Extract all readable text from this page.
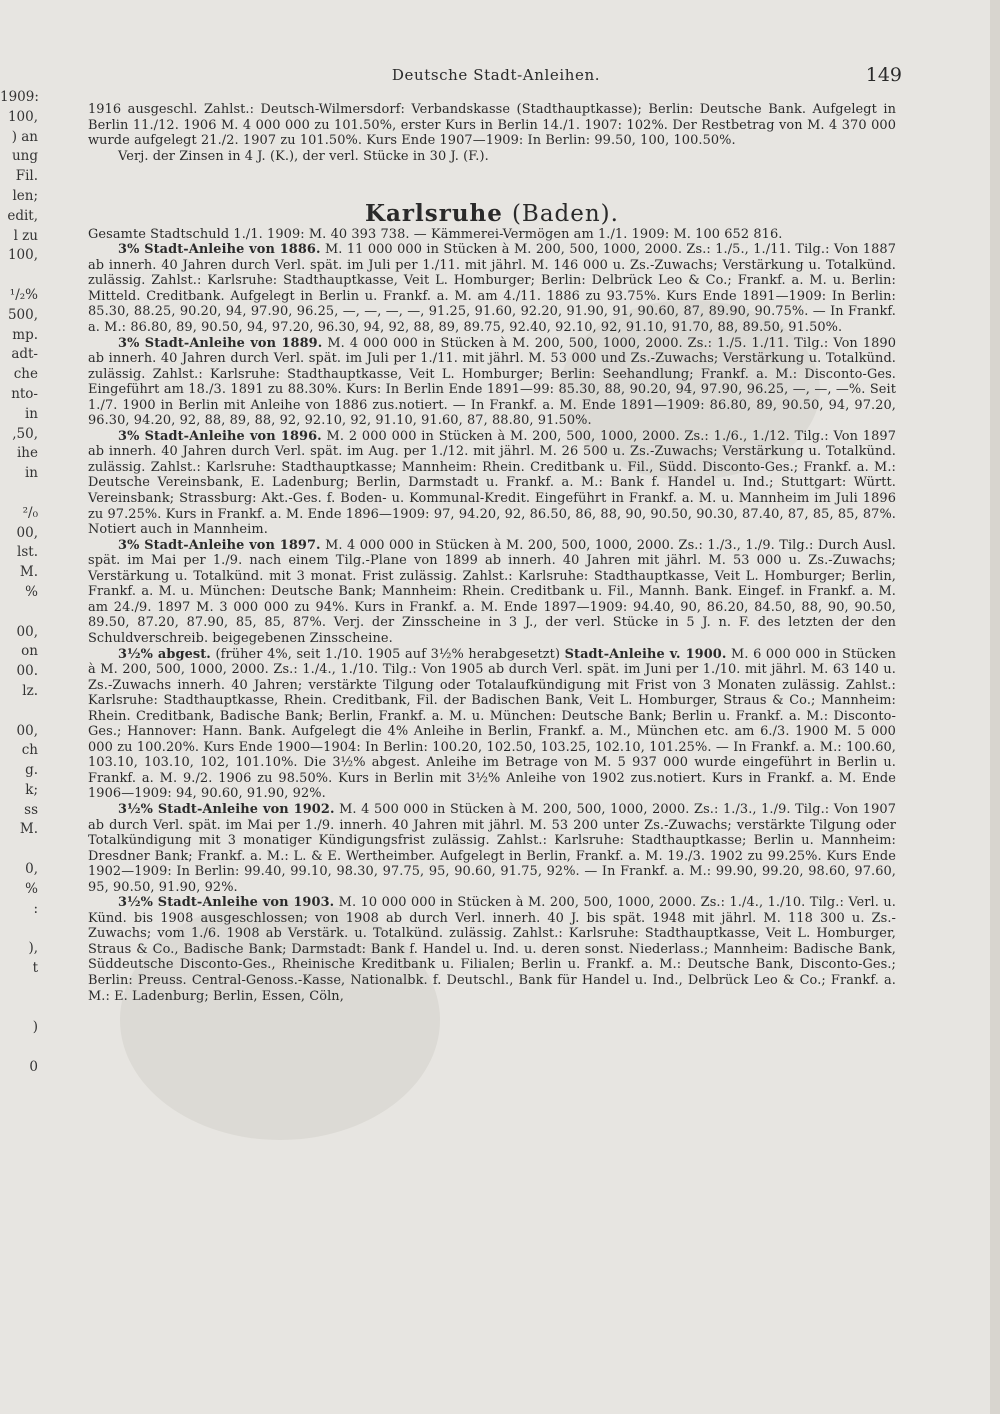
1909:
100,
) an
ung
Fil.
len;
edit,
l zu
100,

¹/₂%
500,
mp.
adt-
che
nto-
in
,50,
ihe
in

²/₀
00,
lst.
M.
%

00,
on
00.
lz.

00,
ch
g.
k;
ss
M.

0,
%
:

),
t

)

0
Deutsche Stadt-Anleihen.	149

1916 ausgeschl. Zahlst.: Deutsch-Wilmersdorf: Verbandskasse (Stadthauptkasse); Berlin: Deutsche Bank. Aufgelegt in Berlin 11./12. 1906 M. 4 000 000 zu 101.50%, erster Kurs in Berlin 14./1. 1907: 102%. Der Restbetrag von M. 4 370 000 wurde aufgelegt 21./2. 1907 zu 101.50%. Kurs Ende 1907—1909: In Berlin: 99.50, 100, 100.50%.

Verj. der Zinsen in 4 J. (K.), der verl. Stücke in 30 J. (F.).

Karlsruhe (Baden).

Gesamte Stadtschuld 1./1. 1909: M. 40 393 738. — Kämmerei-Vermögen am 1./1. 1909: M. 100 652 816.

3% Stadt-Anleihe von 1886. M. 11 000 000 in Stücken à M. 200, 500, 1000, 2000. Zs.: 1./5., 1./11. Tilg.: Von 1887 ab innerh. 40 Jahren durch Verl. spät. im Juli per 1./11. mit jährl. M. 146 000 u. Zs.-Zuwachs; Verstärkung u. Totalkünd. zulässig. Zahlst.: Karlsruhe: Stadthauptkasse, Veit L. Homburger; Berlin: Delbrück Leo & Co.; Frankf. a. M. u. Berlin: Mitteld. Creditbank. Aufgelegt in Berlin u. Frankf. a. M. am 4./11. 1886 zu 93.75%. Kurs Ende 1891—1909: In Berlin: 85.30, 88.25, 90.20, 94, 97.90, 96.25, —, —, —, —, 91.25, 91.60, 92.20, 91.90, 91, 90.60, 87, 89.90, 90.75%. — In Frankf. a. M.: 86.80, 89, 90.50, 94, 97.20, 96.30, 94, 92, 88, 89, 89.75, 92.40, 92.10, 92, 91.10, 91.70, 88, 89.50, 91.50%.

3% Stadt-Anleihe von 1889. M. 4 000 000 in Stücken à M. 200, 500, 1000, 2000. Zs.: 1./5. 1./11. Tilg.: Von 1890 ab innerh. 40 Jahren durch Verl. spät. im Juli per 1./11. mit jährl. M. 53 000 und Zs.-Zuwachs; Verstärkung u. Totalkünd. zulässig. Zahlst.: Karlsruhe: Stadthauptkasse, Veit L. Homburger; Berlin: Seehandlung; Frankf. a. M.: Disconto-Ges. Eingeführt am 18./3. 1891 zu 88.30%. Kurs: In Berlin Ende 1891—99: 85.30, 88, 90.20, 94, 97.90, 96.25, —, —, —%. Seit 1./7. 1900 in Berlin mit Anleihe von 1886 zus.notiert. — In Frankf. a. M. Ende 1891—1909: 86.80, 89, 90.50, 94, 97.20, 96.30, 94.20, 92, 88, 89, 88, 92, 92.10, 92, 91.10, 91.60, 87, 88.80, 91.50%.

3% Stadt-Anleihe von 1896. M. 2 000 000 in Stücken à M. 200, 500, 1000, 2000. Zs.: 1./6., 1./12. Tilg.: Von 1897 ab innerh. 40 Jahren durch Verl. spät. im Aug. per 1./12. mit jährl. M. 26 500 u. Zs.-Zuwachs; Verstärkung u. Totalkünd. zulässig. Zahlst.: Karlsruhe: Stadthauptkasse; Mannheim: Rhein. Creditbank u. Fil., Südd. Disconto-Ges.; Frankf. a. M.: Deutsche Vereinsbank, E. Ladenburg; Berlin, Darmstadt u. Frankf. a. M.: Bank f. Handel u. Ind.; Stuttgart: Württ. Vereinsbank; Strassburg: Akt.-Ges. f. Boden- u. Kommunal-Kredit. Eingeführt in Frankf. a. M. u. Mannheim im Juli 1896 zu 97.25%. Kurs in Frankf. a. M. Ende 1896—1909: 97, 94.20, 92, 86.50, 86, 88, 90, 90.50, 90.30, 87.40, 87, 85, 85, 87%. Notiert auch in Mannheim.

3% Stadt-Anleihe von 1897. M. 4 000 000 in Stücken à M. 200, 500, 1000, 2000. Zs.: 1./3., 1./9. Tilg.: Durch Ausl. spät. im Mai per 1./9. nach einem Tilg.-Plane von 1899 ab innerh. 40 Jahren mit jährl. M. 53 000 u. Zs.-Zuwachs; Verstärkung u. Totalkünd. mit 3 monat. Frist zulässig. Zahlst.: Karlsruhe: Stadthauptkasse, Veit L. Homburger; Berlin, Frankf. a. M. u. München: Deutsche Bank; Mannheim: Rhein. Creditbank u. Fil., Mannh. Bank. Eingef. in Frankf. a. M. am 24./9. 1897 M. 3 000 000 zu 94%. Kurs in Frankf. a. M. Ende 1897—1909: 94.40, 90, 86.20, 84.50, 88, 90, 90.50, 89.50, 87.20, 87.90, 85, 85, 87%. Verj. der Zinsscheine in 3 J., der verl. Stücke in 5 J. n. F. des letzten der den Schuldverschreib. beigegebenen Zinsscheine.

3½% abgest. (früher 4%, seit 1./10. 1905 auf 3½% herabgesetzt) Stadt-Anleihe v. 1900. M. 6 000 000 in Stücken à M. 200, 500, 1000, 2000. Zs.: 1./4., 1./10. Tilg.: Von 1905 ab durch Verl. spät. im Juni per 1./10. mit jährl. M. 63 140 u. Zs.-Zuwachs innerh. 40 Jahren; verstärkte Tilgung oder Totalaufkündigung mit Frist von 3 Monaten zulässig. Zahlst.: Karlsruhe: Stadthauptkasse, Rhein. Creditbank, Fil. der Badischen Bank, Veit L. Homburger, Straus & Co.; Mannheim: Rhein. Creditbank, Badische Bank; Berlin, Frankf. a. M. u. München: Deutsche Bank; Berlin u. Frankf. a. M.: Disconto-Ges.; Hannover: Hann. Bank. Aufgelegt die 4% Anleihe in Berlin, Frankf. a. M., München etc. am 6./3. 1900 M. 5 000 000 zu 100.20%. Kurs Ende 1900—1904: In Berlin: 100.20, 102.50, 103.25, 102.10, 101.25%. — In Frankf. a. M.: 100.60, 103.10, 103.10, 102, 101.10%. Die 3½% abgest. Anleihe im Betrage von M. 5 937 000 wurde eingeführt in Berlin u. Frankf. a. M. 9./2. 1906 zu 98.50%. Kurs in Berlin mit 3½% Anleihe von 1902 zus.notiert. Kurs in Frankf. a. M. Ende 1906—1909: 94, 90.60, 91.90, 92%.

3½% Stadt-Anleihe von 1902. M. 4 500 000 in Stücken à M. 200, 500, 1000, 2000. Zs.: 1./3., 1./9. Tilg.: Von 1907 ab durch Verl. spät. im Mai per 1./9. innerh. 40 Jahren mit jährl. M. 53 200 unter Zs.-Zuwachs; verstärkte Tilgung oder Totalkündigung mit 3 monatiger Kündigungsfrist zulässig. Zahlst.: Karlsruhe: Stadthauptkasse; Berlin u. Mannheim: Dresdner Bank; Frankf. a. M.: L. & E. Wertheimber. Aufgelegt in Berlin, Frankf. a. M. 19./3. 1902 zu 99.25%. Kurs Ende 1902—1909: In Berlin: 99.40, 99.10, 98.30, 97.75, 95, 90.60, 91.75, 92%. — In Frankf. a. M.: 99.90, 99.20, 98.60, 97.60, 95, 90.50, 91.90, 92%.

3½% Stadt-Anleihe von 1903. M. 10 000 000 in Stücken à M. 200, 500, 1000, 2000. Zs.: 1./4., 1./10. Tilg.: Verl. u. Künd. bis 1908 ausgeschlossen; von 1908 ab durch Verl. innerh. 40 J. bis spät. 1948 mit jährl. M. 118 300 u. Zs.-Zuwachs; vom 1./6. 1908 ab Verstärk. u. Totalkünd. zulässig. Zahlst.: Karlsruhe: Stadthauptkasse, Veit L. Homburger, Straus & Co., Badische Bank; Darmstadt: Bank f. Handel u. Ind. u. deren sonst. Niederlass.; Mannheim: Badische Bank, Süddeutsche Disconto-Ges., Rheinische Kreditbank u. Filialen; Berlin u. Frankf. a. M.: Deutsche Bank, Disconto-Ges.; Berlin: Preuss. Central-Genoss.-Kasse, Nationalbk. f. Deutschl., Bank für Handel u. Ind., Delbrück Leo & Co.; Frankf. a. M.: E. Ladenburg; Berlin, Essen, Cöln,
